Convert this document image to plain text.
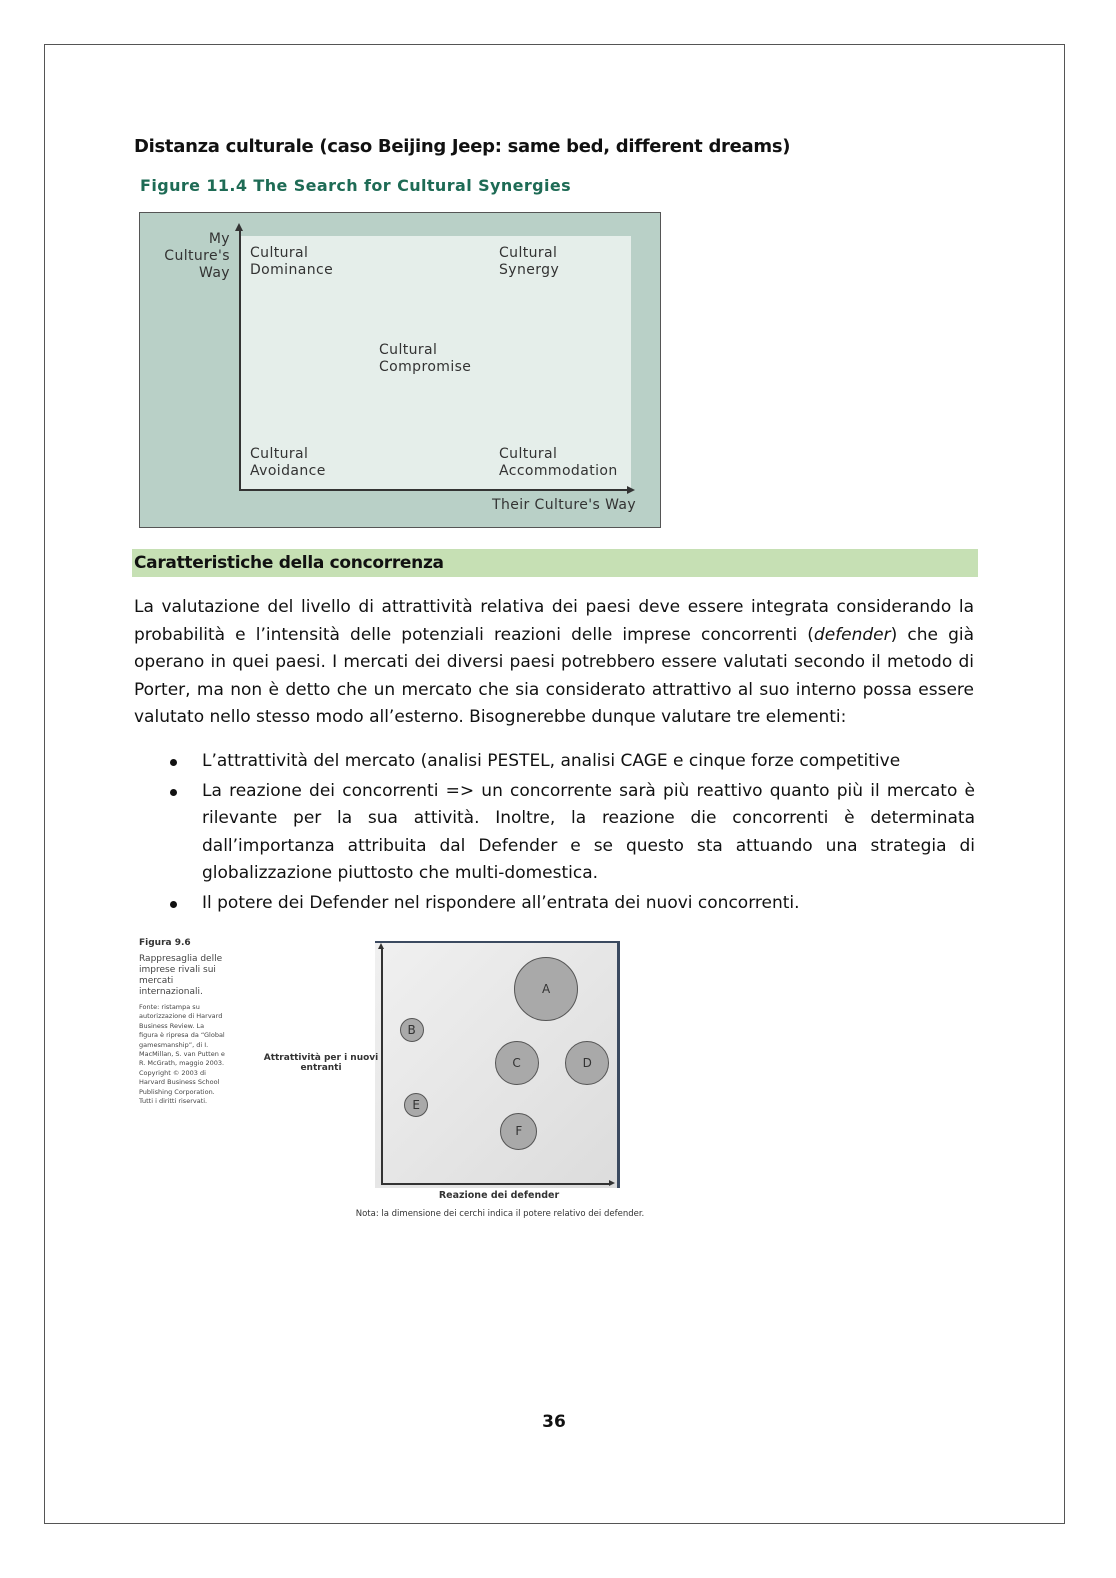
Distanza culturale (caso Beijing Jeep: same bed, different dreams)

Figure 11.4 The Search for Cultural Synergies

My
Culture's
Way

Cultural
Dominance

Cultural
Synergy

Cultural
Compromise

Cultural
Avoidance

Cultural
Accommodation

Their Culture's Way

Caratteristiche della concorrenza

La valutazione del livello di attrattività relativa dei paesi deve essere integrata considerando la probabilità e l’intensità delle potenziali reazioni delle imprese concorrenti (defender) che già operano in quei paesi. I mercati dei diversi paesi potrebbero essere valutati secondo il metodo di Porter, ma non è detto che un mercato che sia considerato attrattivo al suo interno possa essere valutato nello stesso modo all’esterno. Bisognerebbe dunque valutare tre elementi:

L’attrattività del mercato (analisi PESTEL, analisi CAGE e cinque forze competitive
La reazione dei concorrenti => un concorrente sarà più reattivo quanto più il mercato è rilevante per la sua attività. Inoltre, la reazione die concorrenti è determinata dall’importanza attribuita dal Defender e se questo sta attuando una strategia di globalizzazione piuttosto che multi-domestica.
Il potere dei Defender nel rispondere all’entrata dei nuovi concorrenti.

Figura 9.6

Rappresaglia delle imprese rivali sui mercati internazionali.

Fonte: ristampa su autorizzazione di Harvard Business Review. La figura è ripresa da “Global gamesmanship”, di I. MacMillan, S. van Putten e R. McGrath, maggio 2003. Copyright © 2003 di Harvard Business School Publishing Corporation. Tutti i diritti riservati.

A
B
C	D
E
F

Attrattività per i nuovi entranti

Reazione dei defender

Nota: la dimensione dei cerchi indica il potere relativo dei defender.

36
